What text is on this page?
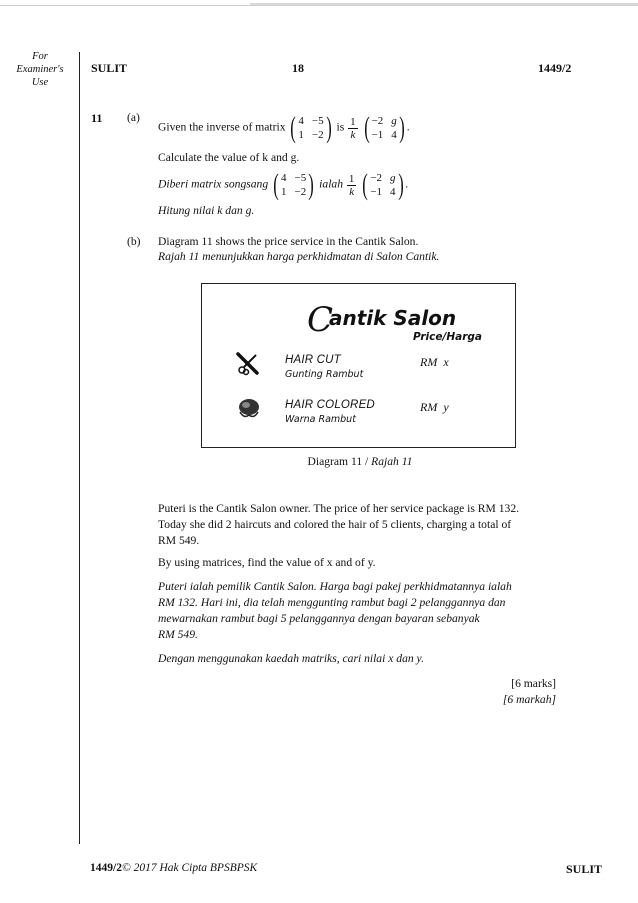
For
Examiner's
Use
SULIT	18	1449/2
11 (a)
Given the inverse of matrix ( 4 −5
1 −2 ) is $\frac{1}{k}$
( −2 g
−1 4 ) .
Calculate the value of k and g.
Diberi matrix songsang ( 4 −5
1 −2 ) ialah $\frac{1}{k}$
( −2 g
−1 4 ) .
Hitung nilai k dan g.
(b) Diagram 11 shows the price service in the Cantik Salon.
Rajah 11 menunjukkan harga perkhidmatan di Salon Cantik.
Cantik Salon
Price/Harga
HAIR CUT
Gunting Rambut
RM  x
HAIR COLORED
Warna Rambut
RM  y
Diagram 11 / Rajah 11
Puteri is the Cantik Salon owner. The price of her service package is RM 132.
Today she did 2 haircuts and colored the hair of 5 clients, charging a total of
RM 549.
By using matrices, find the value of x and of y.
Puteri ialah pemilik Cantik Salon. Harga bagi pakej perkhidmatannya ialah
RM 132. Hari ini, dia telah menggunting rambut bagi 2 pelanggannya dan
mewarnakan rambut bagi 5 pelanggannya dengan bayaran sebanyak
RM 549.
Dengan menggunakan kaedah matriks, cari nilai x dan y.
[6 marks]
[6 markah]
1449/2© 2017 Hak Cipta BPSBPSK	SULIT
